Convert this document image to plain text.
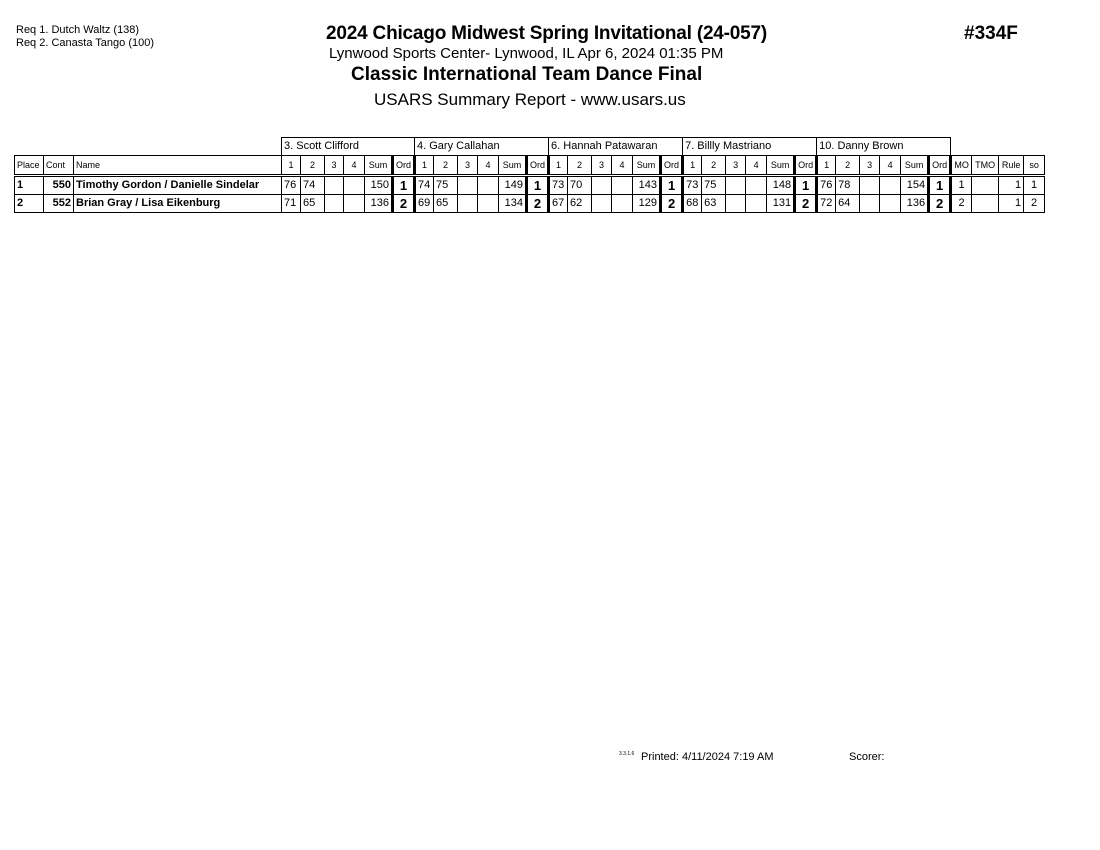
Req 1. Dutch Waltz (138)
Req 2. Canasta Tango (100)	2024 Chicago Midwest Spring Invitational (24-057)
Lynwood Sports Center- Lynwood, IL Apr 6, 2024 01:35 PM
Classic International Team Dance Final
USARS Summary Report - www.usars.us
#334F
			3. Scott Clifford						4. Gary Callahan						6. Hannah Patawaran						7. Billly Mastriano						10. Danny Brown									
Place	Cont	Name	1	2	3	4	Sum	Ord	1	2	3	4	Sum	Ord	1	2	3	4	Sum	Ord	1	2	3	4	Sum	Ord	1	2	3	4	Sum	Ord	MO	TMO	Rule	so
1	550	Timothy Gordon / Danielle Sindelar	76	74			150	1	74	75			149	1	73	70			143	1	73	75			148	1	76	78			154	1	1		1	1
2	552	Brian Gray / Lisa Eikenburg	71	65			136	2	69	65			134	2	67	62			129	2	68	63			131	2	72	64			136	2	2		1	2
3.3.1.6 Printed: 4/11/2024 7:19 AM	Scorer:
